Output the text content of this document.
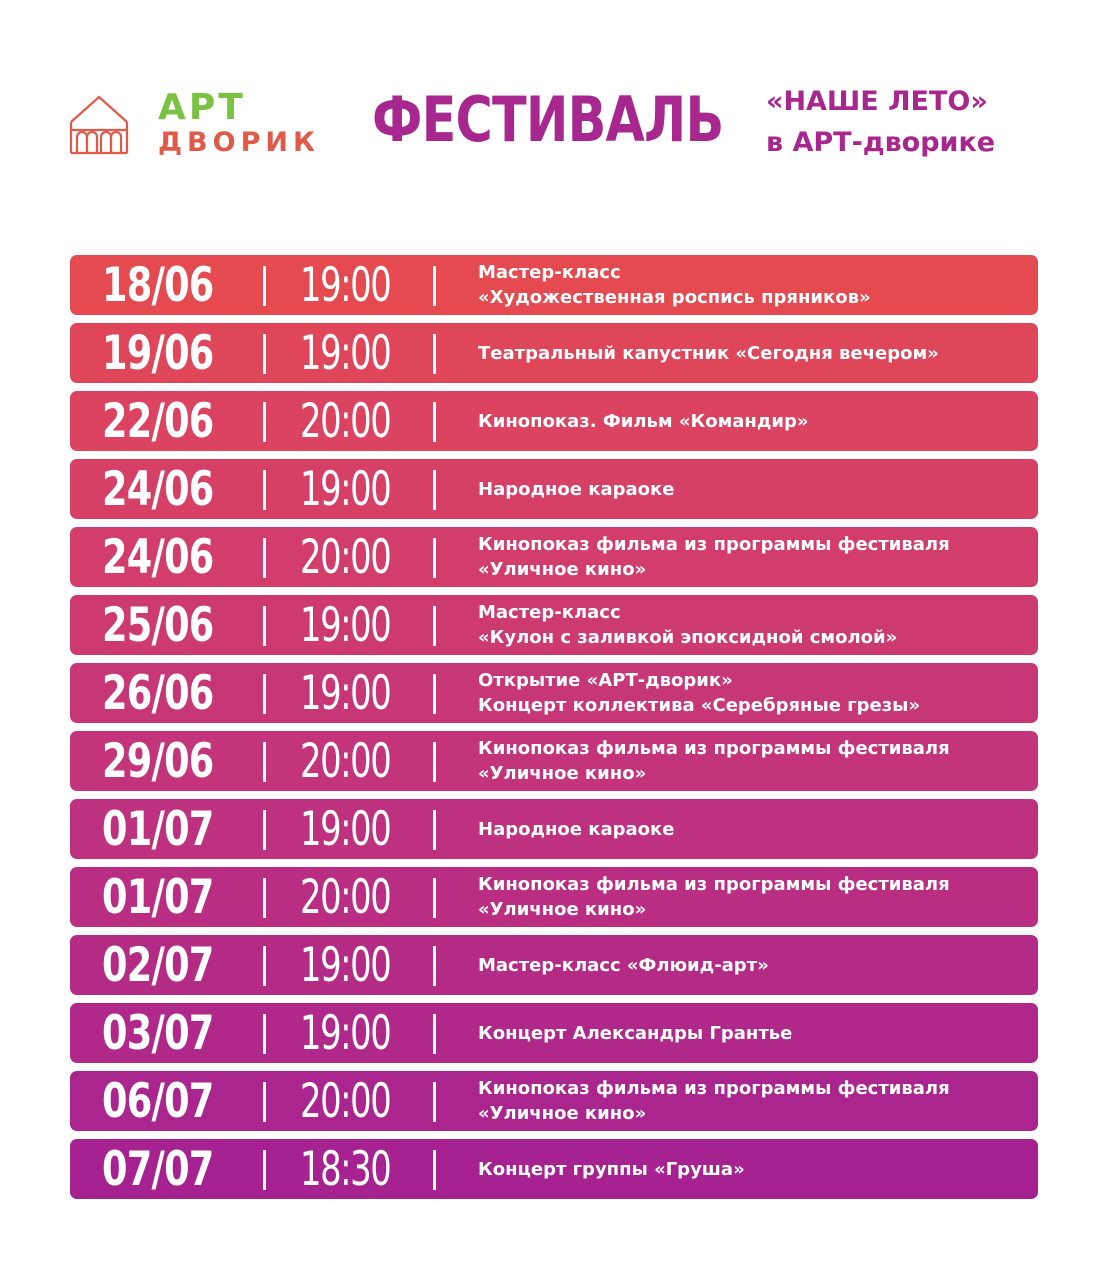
АРТ
ДВОРИК ФЕСТИВАЛЬ «НАШЕ ЛЕТО»
в АРТ-дворике
18/06 19:00	Мастер-класс
«Художественная роспись пряников»
19/06 19:00	Театральный капустник «Сегодня вечером»
22/06 20:00	Кинопоказ. Фильм «Командир»
24/06 19:00	Народное караоке
24/06 20:00	Кинопоказ фильма из программы фестиваля
«Уличное кино»
25/06 19:00	Мастер-класс
«Кулон с заливкой эпоксидной смолой»
26/06 19:00	Открытие «АРТ-дворик»
Концерт коллектива «Серебряные грезы»
29/06 20:00	Кинопоказ фильма из программы фестиваля
«Уличное кино»
01/07 19:00	Народное караоке
01/07 20:00	Кинопоказ фильма из программы фестиваля
«Уличное кино»
02/07 19:00	Мастер-класс «Флюид-арт»
03/07 19:00	Концерт Александры Грантье
06/07 20:00	Кинопоказ фильма из программы фестиваля
«Уличное кино»
07/07 18:30	Концерт группы «Груша»
